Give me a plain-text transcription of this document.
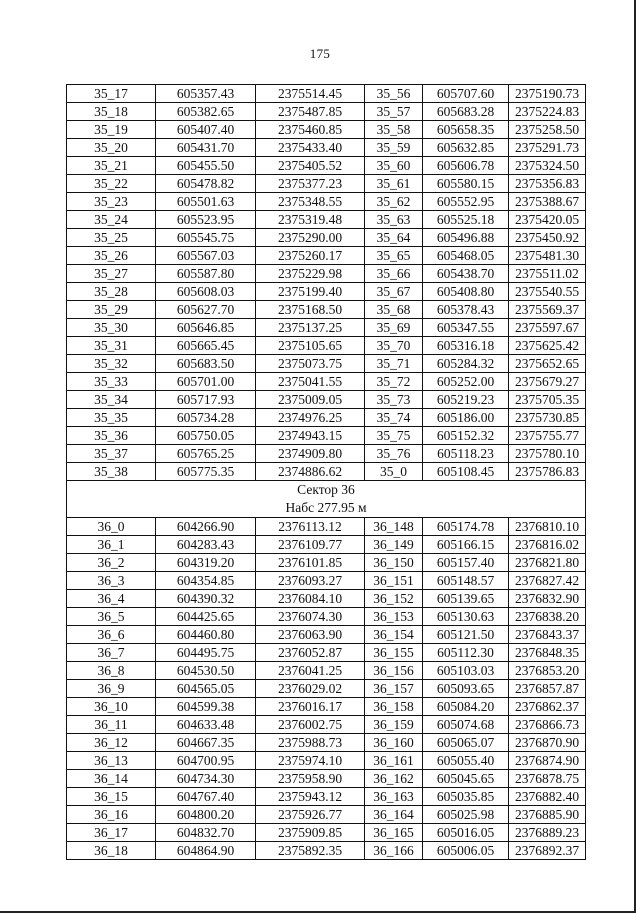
175
35_17	605357.43	2375514.45	35_56	605707.60	2375190.73
35_18	605382.65	2375487.85	35_57	605683.28	2375224.83
35_19	605407.40	2375460.85	35_58	605658.35	2375258.50
35_20	605431.70	2375433.40	35_59	605632.85	2375291.73
35_21	605455.50	2375405.52	35_60	605606.78	2375324.50
35_22	605478.82	2375377.23	35_61	605580.15	2375356.83
35_23	605501.63	2375348.55	35_62	605552.95	2375388.67
35_24	605523.95	2375319.48	35_63	605525.18	2375420.05
35_25	605545.75	2375290.00	35_64	605496.88	2375450.92
35_26	605567.03	2375260.17	35_65	605468.05	2375481.30
35_27	605587.80	2375229.98	35_66	605438.70	2375511.02
35_28	605608.03	2375199.40	35_67	605408.80	2375540.55
35_29	605627.70	2375168.50	35_68	605378.43	2375569.37
35_30	605646.85	2375137.25	35_69	605347.55	2375597.67
35_31	605665.45	2375105.65	35_70	605316.18	2375625.42
35_32	605683.50	2375073.75	35_71	605284.32	2375652.65
35_33	605701.00	2375041.55	35_72	605252.00	2375679.27
35_34	605717.93	2375009.05	35_73	605219.23	2375705.35
35_35	605734.28	2374976.25	35_74	605186.00	2375730.85
35_36	605750.05	2374943.15	35_75	605152.32	2375755.77
35_37	605765.25	2374909.80	35_76	605118.23	2375780.10
35_38	605775.35	2374886.62	35_0	605108.45	2375786.83

Сектор 36
Набс 277.95 м					

36_0	604266.90	2376113.12	36_148	605174.78	2376810.10
36_1	604283.43	2376109.77	36_149	605166.15	2376816.02
36_2	604319.20	2376101.85	36_150	605157.40	2376821.80
36_3	604354.85	2376093.27	36_151	605148.57	2376827.42
36_4	604390.32	2376084.10	36_152	605139.65	2376832.90
36_5	604425.65	2376074.30	36_153	605130.63	2376838.20
36_6	604460.80	2376063.90	36_154	605121.50	2376843.37
36_7	604495.75	2376052.87	36_155	605112.30	2376848.35
36_8	604530.50	2376041.25	36_156	605103.03	2376853.20
36_9	604565.05	2376029.02	36_157	605093.65	2376857.87
36_10	604599.38	2376016.17	36_158	605084.20	2376862.37
36_11	604633.48	2376002.75	36_159	605074.68	2376866.73
36_12	604667.35	2375988.73	36_160	605065.07	2376870.90
36_13	604700.95	2375974.10	36_161	605055.40	2376874.90
36_14	604734.30	2375958.90	36_162	605045.65	2376878.75
36_15	604767.40	2375943.12	36_163	605035.85	2376882.40
36_16	604800.20	2375926.77	36_164	605025.98	2376885.90
36_17	604832.70	2375909.85	36_165	605016.05	2376889.23
36_18	604864.90	2375892.35	36_166	605006.05	2376892.37
